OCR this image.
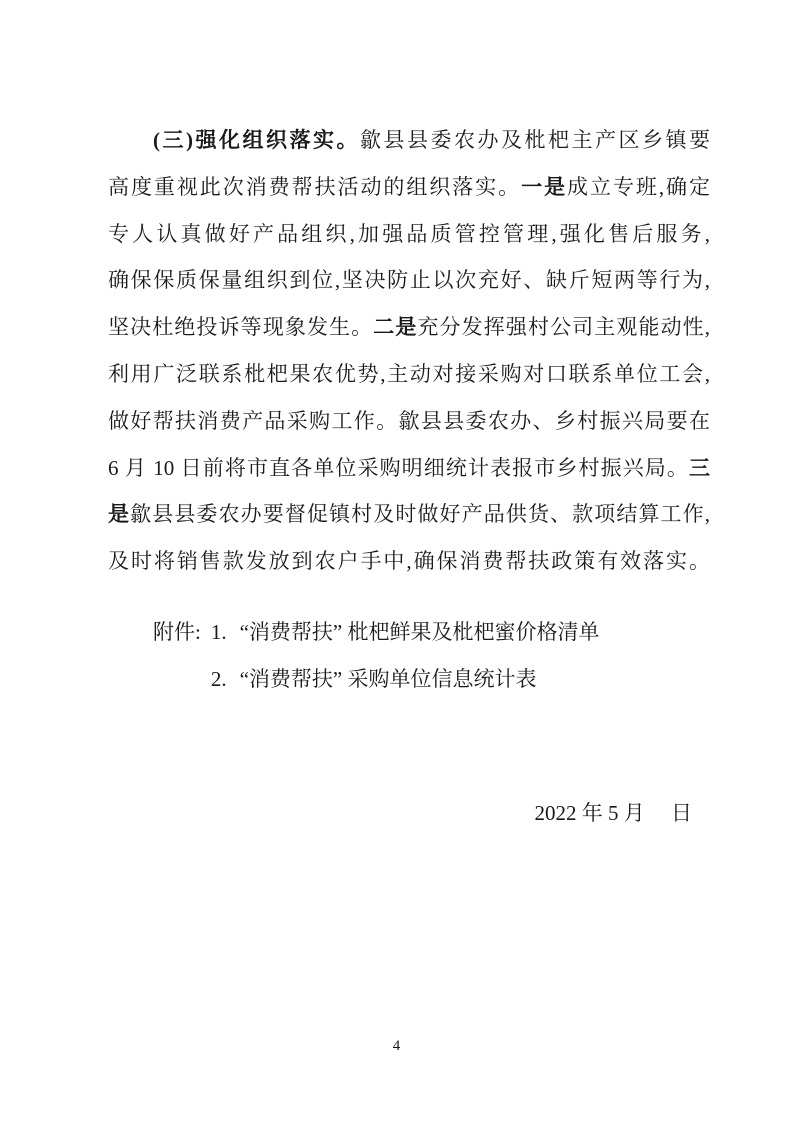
(三)强化组织落实。歙县县委农办及枇杷主产区乡镇要
高度重视此次消费帮扶活动的组织落实。一是成立专班,确定
专人认真做好产品组织,加强品质管控管理,强化售后服务,
确保保质保量组织到位,坚决防止以次充好、缺斤短两等行为,
坚决杜绝投诉等现象发生。二是充分发挥强村公司主观能动性,
利用广泛联系枇杷果农优势,主动对接采购对口联系单位工会,
做好帮扶消费产品采购工作。歙县县委农办、乡村振兴局要在
6 月 10 日前将市直各单位采购明细统计表报市乡村振兴局。三
是歙县县委农办要督促镇村及时做好产品供货、款项结算工作,
及时将销售款发放到农户手中,确保消费帮扶政策有效落实。
附件: 1. “消费帮扶” 枇杷鲜果及枇杷蜜价格清单
2. “消费帮扶” 采购单位信息统计表
2022 年 5 月　 日
4
